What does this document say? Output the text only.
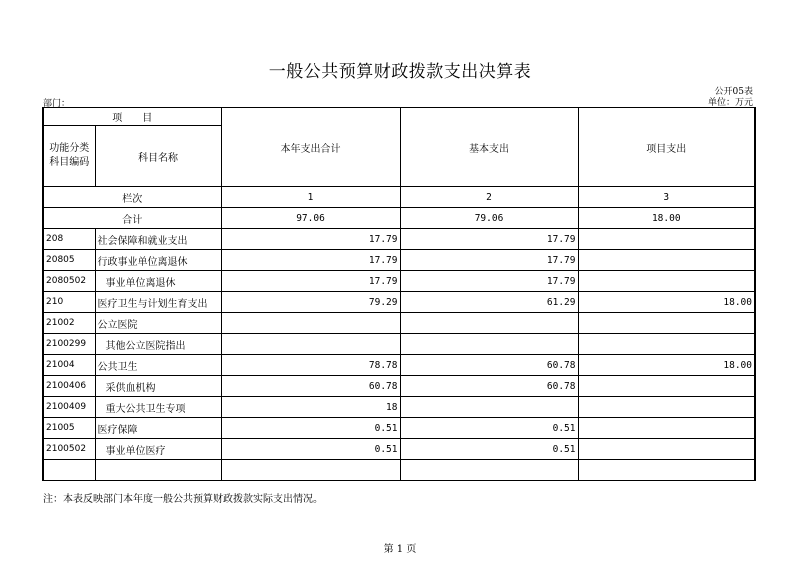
一般公共预算财政拨款支出决算表
公开05表
部门：	单位：万元
项　　目		本年支出合计	基本支出	项目支出
功能分类科目编码	科目名称			
栏次		1	2	3
合计		97.06	79.06	18.00
208	社会保障和就业支出	17.79	17.79	
20805	行政事业单位离退休	17.79	17.79	
2080502	事业单位离退休	17.79	17.79	
210	医疗卫生与计划生育支出	79.29	61.29	18.00
21002	公立医院			
2100299	其他公立医院指出			
21004	公共卫生	78.78	60.78	18.00
2100406	采供血机构	60.78	60.78	
2100409	重大公共卫生专项	18		
21005	医疗保障	0.51	0.51	
2100502	事业单位医疗	0.51	0.51	

注：本表反映部门本年度一般公共预算财政拨款实际支出情况。
第 1 页
